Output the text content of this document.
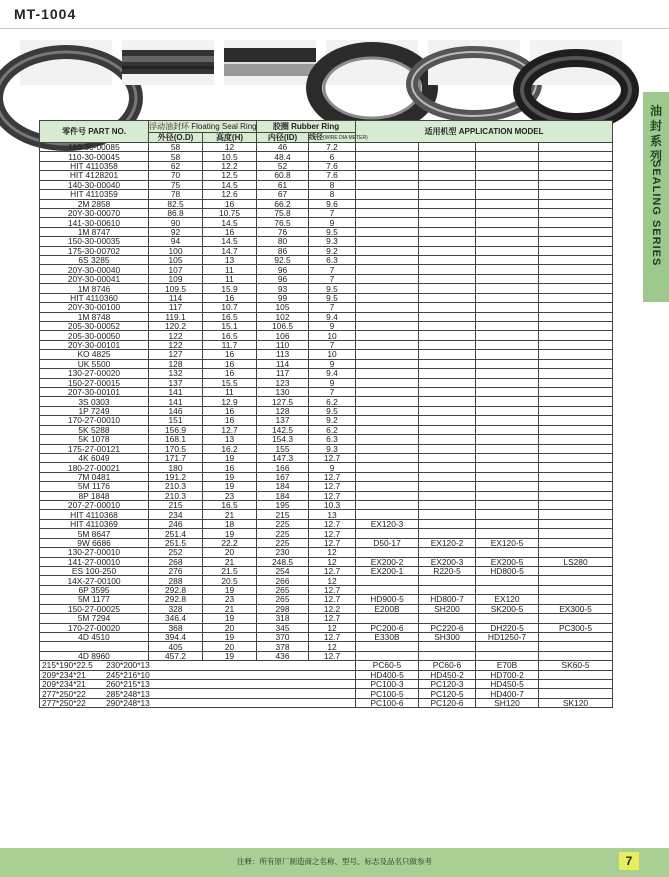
MT-1004
油
封
系
列
SEALING SERIES
零件号 PART NO.	浮动油封环 Floating Seal Ring		胶圈 Rubber Ring		适用机型 APPLICATION MODEL			
	外径(O.D)	高度(H)	内径(ID)	线径(WIRE DIA METER)				
110-30-00085	58	12	46	7.2				
110-30-00045	58	10.5	48.4	6				
HIT 4110358	62	12.2	52	7.6				
HIT 4128201	70	12.5	60.8	7.6				
140-30-00040	75	14.5	61	8				
HIT 4110359	78	12.6	67	8				
2M 2858	82.5	16	66.2	9.6				
20Y-30-00070	86.8	10.75	75.8	7				
141-30-00610	90	14.5	76.5	9				
1M 8747	92	16	76	9.5				
150-30-00035	94	14.5	80	9.3				
175-30-00702	100	14.7	86	9.2				
6S 3285	105	13	92.5	6.3				
20Y-30-00040	107	11	96	7				
20Y-30-00041	109	11	96	7				
1M 8746	109.5	15.9	93	9.5				
HIT 4110360	114	16	99	9.5				
20Y-30-00100	117	10.7	105	7				
1M 8748	119.1	16.5	102	9.4				
205-30-00052	120.2	15.1	106.5	9				
205-30-00050	122	16.5	106	10				
20Y-30-00101	122	11.7	110	7				
KO 4825	127	16	113	10				
UK 5500	128	16	114	9				
130-27-00020	132	16	117	9.4				
150-27-00015	137	15.5	123	9				
207-30-00101	141	11	130	7				
3S 0303	141	12.9	127.5	6.2				
1P 7249	146	16	128	9.5				
170-27-00010	151	16	137	9.2				
5K 5288	156.9	12.7	142.5	6.2				
5K 1078	168.1	13	154.3	6.3				
175-27-00121	170.5	16.2	155	9.3				
4K 6049	171.7	19	147.3	12.7				
180-27-00021	180	16	166	9				
7M 0481	191.2	19	167	12.7				
5M 1176	210.3	19	184	12.7				
8P 1848	210.3	23	184	12.7				
207-27-00010	215	16.5	195	10.3				
HIT 4110368	234	21	215	13				
HIT 4110369	246	18	225	12.7	EX120-3			
5M 8647	251.4	19	225	12.7				
9W 6686	251.5	22.2	225	12.7	D50-17	EX120-2	EX120-5	
130-27-00010	252	20	230	12				
141-27-00010	268	21	248.5	12	EX200-2	EX200-3	EX200-5	LS280
ES 100-250	276	21.5	254	12.7	EX200-1	R220-5	HD800-5	
14X-27-00100	288	20.5	266	12				
6P 3595	292.8	19	265	12.7				
5M 1177	292.8	23	265	12.7	HD900-5	HD800-7	EX120	
150-27-00025	328	21	298	12.2	E200B	SH200	SK200-5	EX300-5
5M 7294	346.4	19	318	12.7				
170-27-00020	368	20	345	12	PC200-6	PC220-6	DH220-5	PC300-5
4D 4510	394.4	19	370	12.7	E330B	SH300	HD1250-7	
	405	20	378	12				
4D 8960	457.2	19	436	12.7				
215*190*22.5 230*200*13					PC60-5	PC60-6	E70B	SK60-5
209*234*21 245*216*10					HD400-5	HD450-2	HD700-2	
209*234*21 260*215*13					PC100-3	PC120-3	HD450-5	
277*250*22 285*248*13					PC100-5	PC120-5	HD400-7	
277*250*22 290*248*13					PC100-6	PC120-6	SH120	SK120
注释：所有原厂制造商之名称、型号、标志及品名只做参考	7
